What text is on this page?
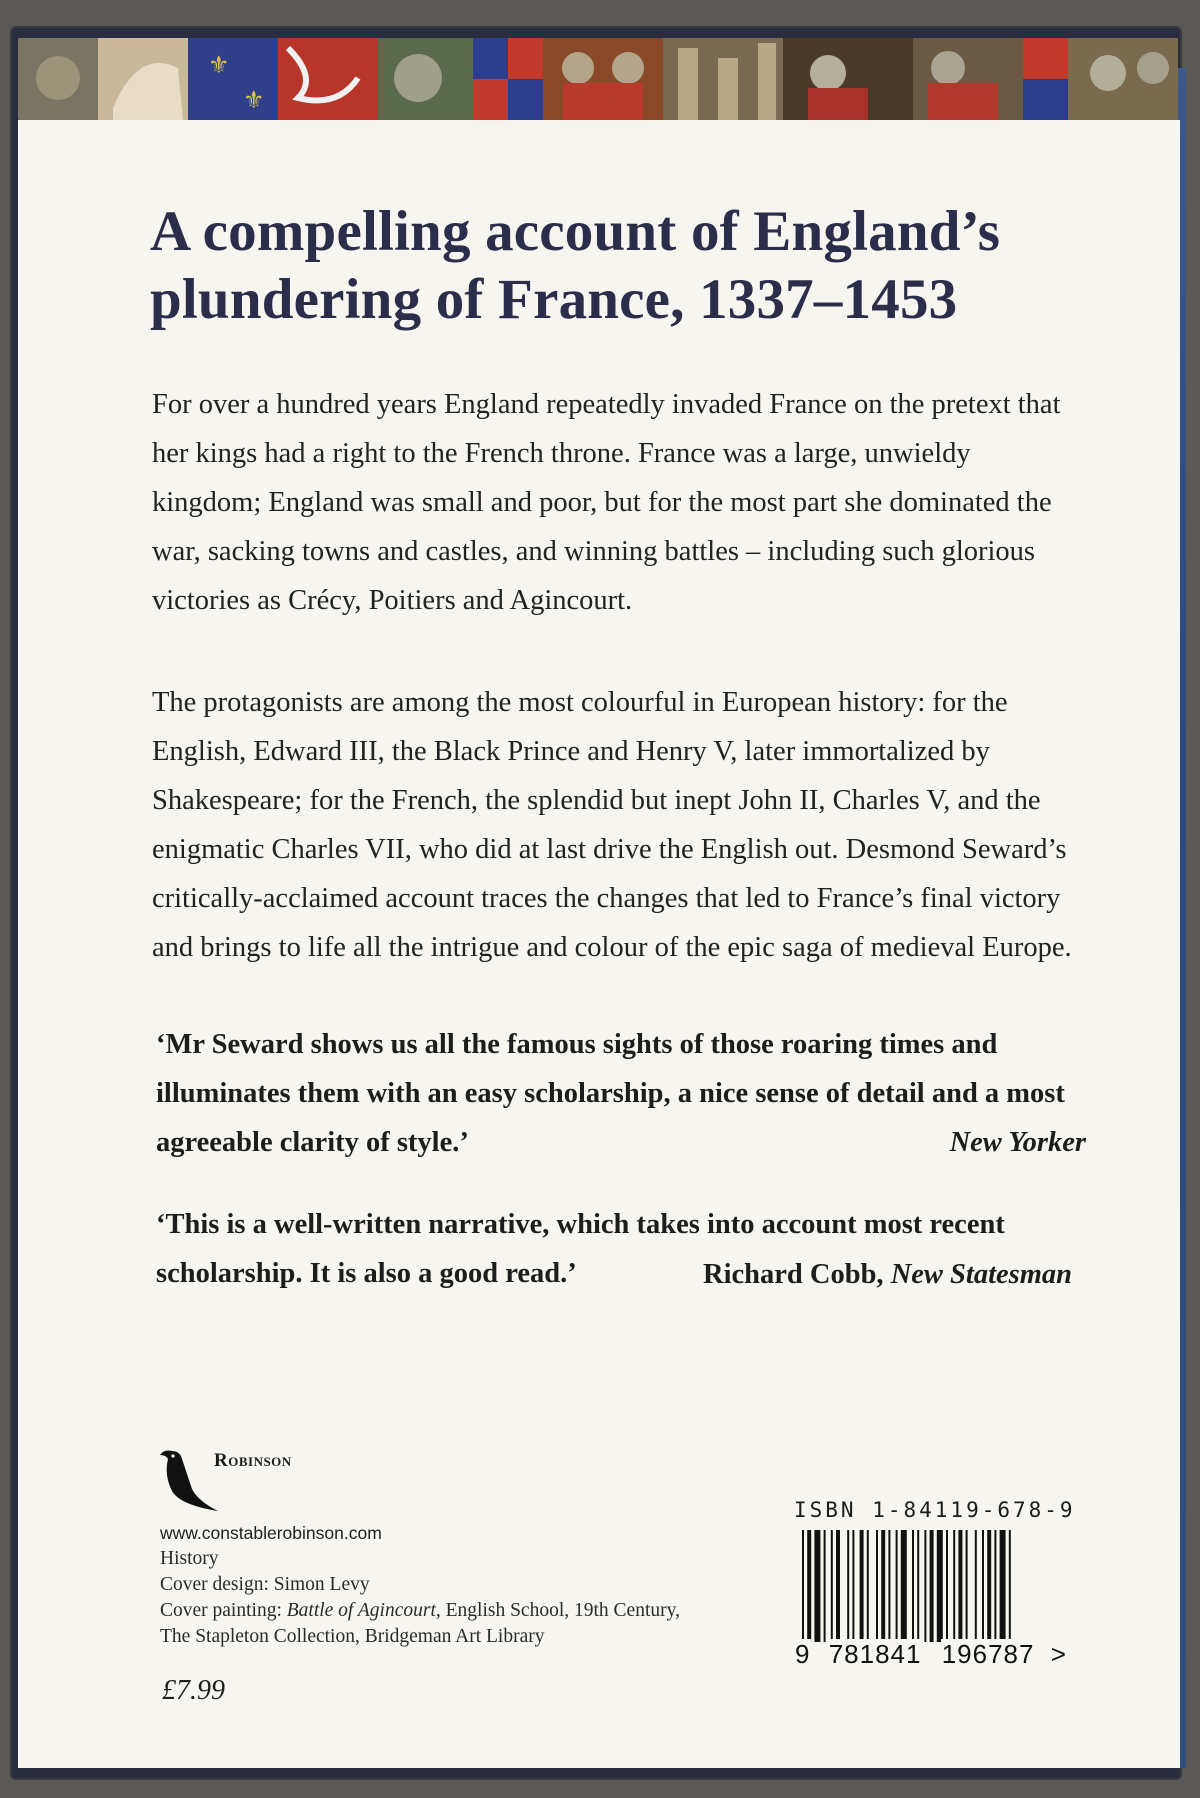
⚜
⚜
A compelling account of England’s
plundering of France, 1337–1453

For over a hundred years England repeatedly invaded France on the pretext that her kings had a right to the French throne. France was a large, unwieldy kingdom; England was small and poor, but for the most part she dominated the war, sacking towns and castles, and winning battles – including such glorious victories as Crécy, Poitiers and Agincourt.

The protagonists are among the most colourful in European history: for the English, Edward III, the Black Prince and Henry V, later immortalized by Shakespeare; for the French, the splendid but inept John II, Charles V, and the enigmatic Charles VII, who did at last drive the English out. Desmond Seward’s critically-acclaimed account traces the changes that led to France’s final victory and brings to life all the intrigue and colour of the epic saga of medieval Europe.

‘Mr Seward shows us all the famous sights of those roaring times and illuminates them with an easy scholarship, a nice sense of detail and a most agreeable clarity of style.’	New Yorker

‘This is a well-written narrative, which takes into account most recent scholarship. It is also a good read.’	Richard Cobb, New Statesman
Robinson
www.constablerobinson.com
History
Cover design: Simon Levy
Cover painting: Battle of Agincourt, English School, 19th Century,
The Stapleton Collection, Bridgeman Art Library
£7.99
ISBN 1-84119-678-9
9 781841 196787 >
